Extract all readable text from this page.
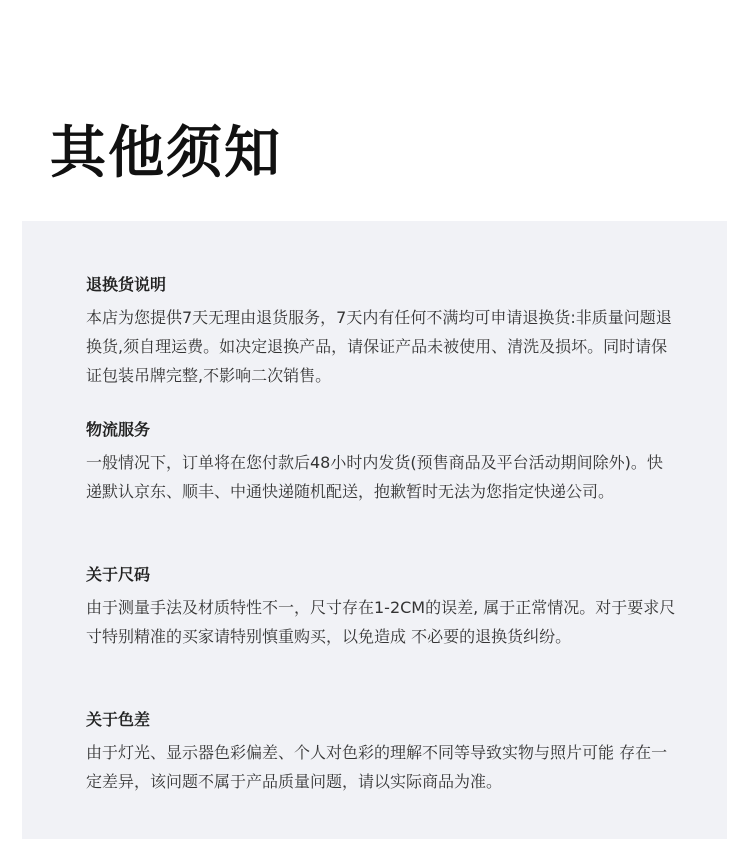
其他须知
退换货说明

本店为您提供7天无理由退货服务，7天内有任何不满均可申请退换货:非质量问题退换货,须自理运费。如决定退换产品，请保证产品未被使用、清洗及损坏。同时请保证包装吊牌完整,不影响二次销售。

物流服务

一般情况下，订单将在您付款后48小时内发货(预售商品及平台活动期间除外)。快递默认京东、顺丰、中通快递随机配送，抱歉暂时无法为您指定快递公司。

关于尺码

由于测量手法及材质特性不一，尺寸存在1-2CM的误差, 属于正常情况。对于要求尺寸特别精准的买家请特别慎重购买，以免造成 不必要的退换货纠纷。

关于色差

由于灯光、显示器色彩偏差、个人对色彩的理解不同等导致实物与照片可能 存在一定差异，该问题不属于产品质量问题，请以实际商品为准。
